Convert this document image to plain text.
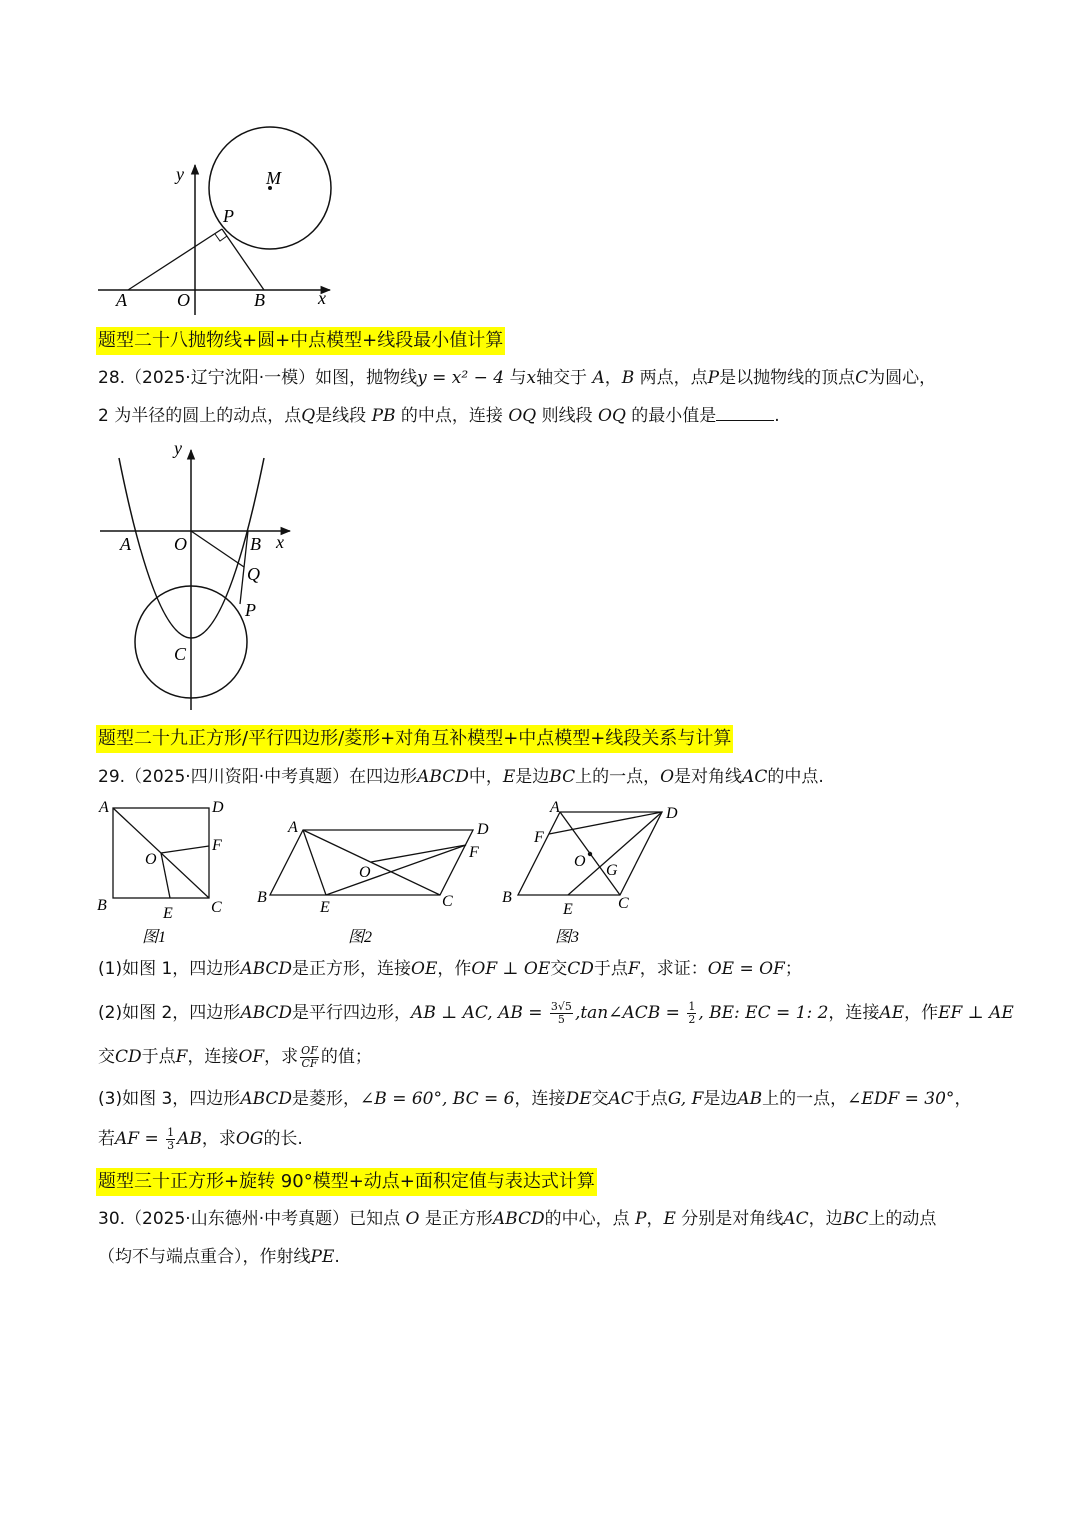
y	M
P
A	O	B	x
题型二十八抛物线+圆+中点模型+线段最小值计算
28.（2025·辽宁沈阳·一模）如图，抛物线y = x² − 4 与x轴交于 A，B 两点，点P是以抛物线的顶点C为圆心，
2 为半径的圆上的动点，点Q是线段 PB 的中点，连接 OQ 则线段 OQ 的最小值是	.
y
A O	B x
Q
P
C
题型二十九正方形/平行四边形/菱形+对角互补模型+中点模型+线段关系与计算
29.（2025·四川资阳·中考真题）在四边形ABCD中，E是边BC上的一点，O是对角线AC的中点.
A	D
F
O
B	E C
图1
A	D
F
O
B
E	C
图2
A	D
F
O
G
B
E	C
图3
(1)如图 1，四边形ABCD是正方形，连接OE，作OF ⊥ OE交CD于点F，求证：OE = OF；
(2)如图 2，四边形ABCD是平行四边形，AB ⊥ AC, AB = $\frac{3√5}{5}$ ,tan∠ACB = $\frac{1}{2}$ , BE: EC = 1: 2，连接AE，作EF ⊥ AE
交CD于点F，连接OF，求 $\frac{OF}{CF}$ 的值；
(3)如图 3，四边形ABCD是菱形，∠B = 60°, BC = 6，连接DE交AC于点G, F是边AB上的一点，∠EDF = 30°，
若AF = $\frac{1}{3}$ AB，求OG的长.
题型三十正方形+旋转 90°模型+动点+面积定值与表达式计算
30.（2025·山东德州·中考真题）已知点 O 是正方形ABCD的中心，点 P，E 分别是对角线AC，边BC上的动点
（均不与端点重合），作射线PE.
